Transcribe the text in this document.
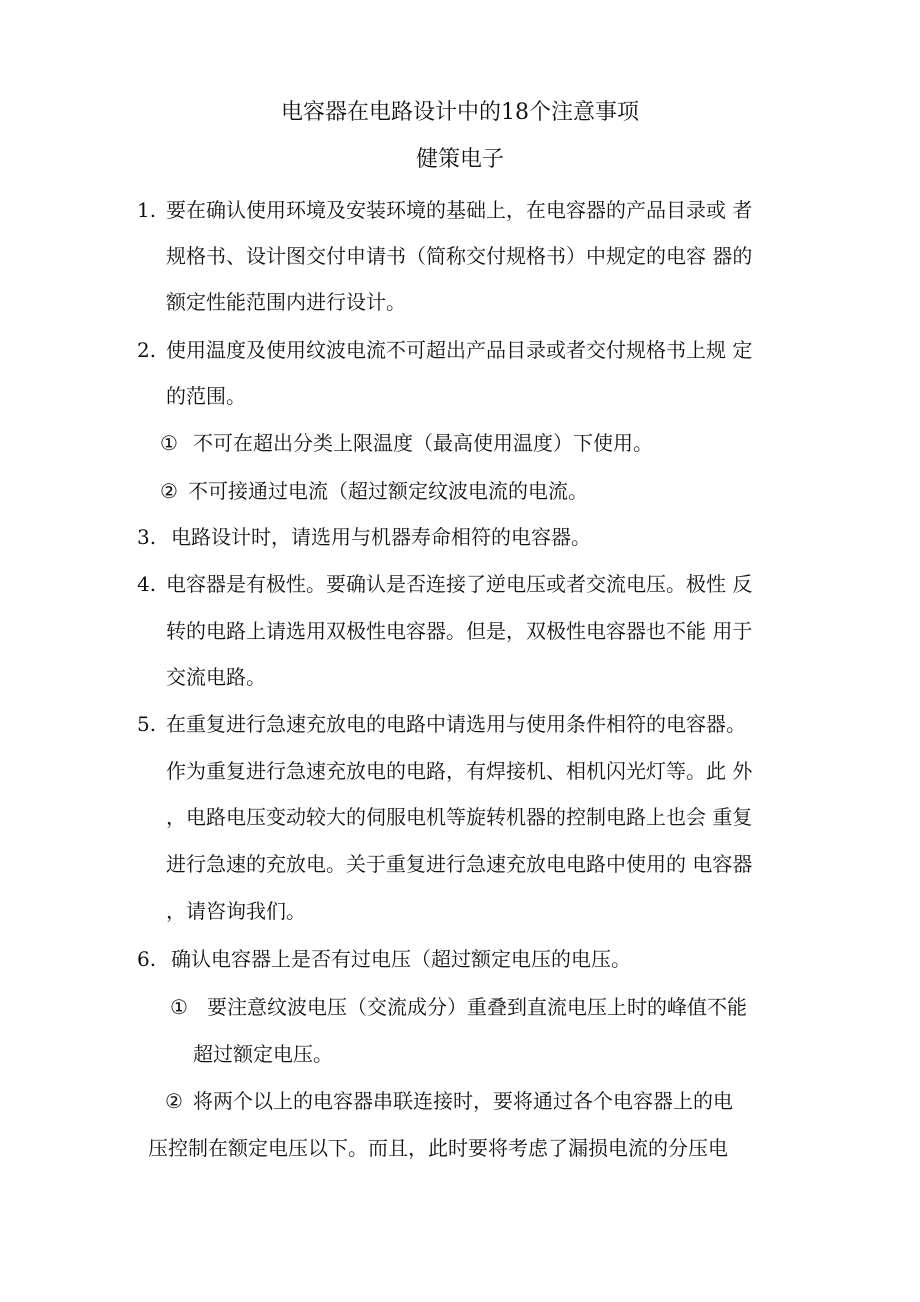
电容器在电路设计中的18个注意事项
健策电子
1. 要在确认使用环境及安装环境的基础上，在电容器的产品目录或 者
规格书、设计图交付申请书（简称交付规格书）中规定的电容 器的
额定性能范围内进行设计。
2. 使用温度及使用纹波电流不可超出产品目录或者交付规格书上规 定
的范围。
① 不可在超出分类上限温度（最高使用温度）下使用。
② 不可接通过电流（超过额定纹波电流的电流。
3. 电路设计时，请选用与机器寿命相符的电容器。
4. 电容器是有极性。要确认是否连接了逆电压或者交流电压。极性 反
转的电路上请选用双极性电容器。但是，双极性电容器也不能 用于
交流电路。
5. 在重复进行急速充放电的电路中请选用与使用条件相符的电容器。
作为重复进行急速充放电的电路，有焊接机、相机闪光灯等。此 外
，电路电压变动较大的伺服电机等旋转机器的控制电路上也会 重复
进行急速的充放电。关于重复进行急速充放电电路中使用的 电容器
，请咨询我们。
6. 确认电容器上是否有过电压（超过额定电压的电压。
① 要注意纹波电压（交流成分）重叠到直流电压上时的峰值不能
超过额定电压。
② 将两个以上的电容器串联连接时，要将通过各个电容器上的电
压控制在额定电压以下。而且，此时要将考虑了漏损电流的分压电
